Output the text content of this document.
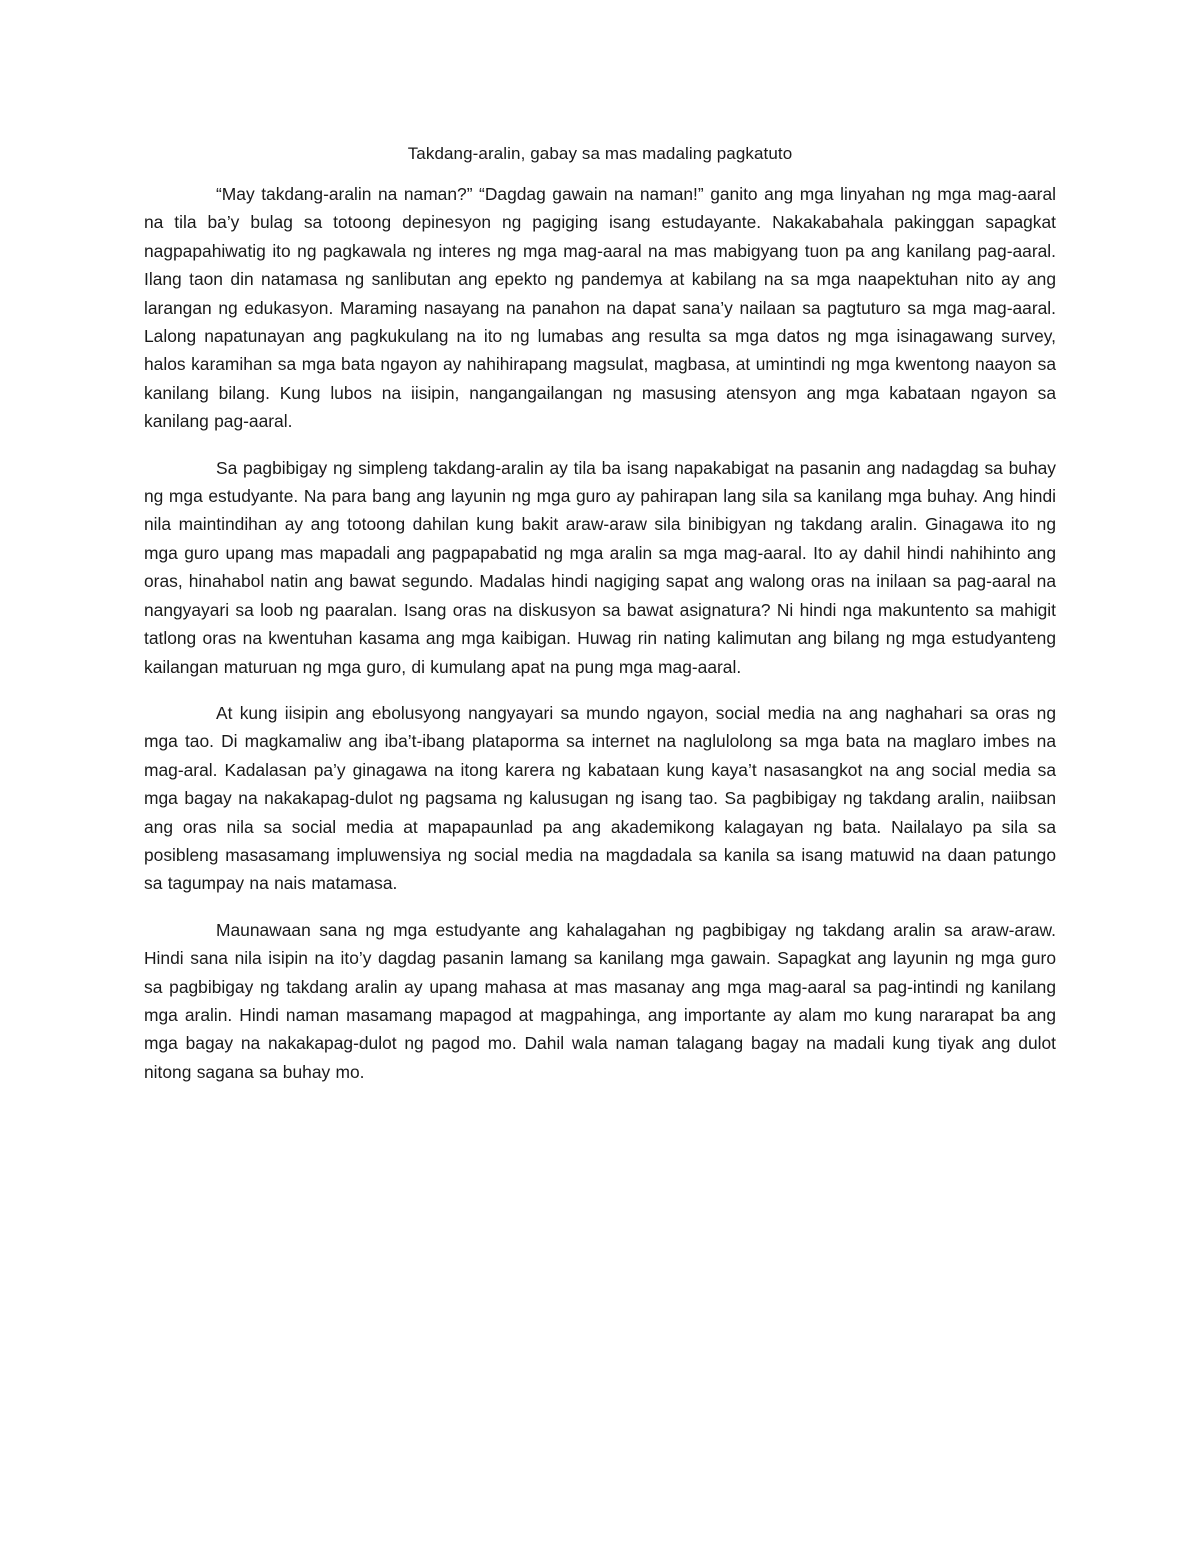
Takdang-aralin, gabay sa mas madaling pagkatuto

“May takdang-aralin na naman?” “Dagdag gawain na naman!” ganito ang mga linyahan ng mga mag-aaral na tila ba’y bulag sa totoong depinesyon ng pagiging isang estudayante. Nakakabahala pakinggan sapagkat nagpapahiwatig ito ng pagkawala ng interes ng mga mag-aaral na mas mabigyang tuon pa ang kanilang pag-aaral. Ilang taon din natamasa ng sanlibutan ang epekto ng pandemya at kabilang na sa mga naapektuhan nito ay ang larangan ng edukasyon. Maraming nasayang na panahon na dapat sana’y nailaan sa pagtuturo sa mga mag-aaral. Lalong napatunayan ang pagkukulang na ito ng lumabas ang resulta sa mga datos ng mga isinagawang survey, halos karamihan sa mga bata ngayon ay nahihirapang magsulat, magbasa, at umintindi ng mga kwentong naayon sa kanilang bilang. Kung lubos na iisipin, nangangailangan ng masusing atensyon ang mga kabataan ngayon sa kanilang pag-aaral.

Sa pagbibigay ng simpleng takdang-aralin ay tila ba isang napakabigat na pasanin ang nadagdag sa buhay ng mga estudyante. Na para bang ang layunin ng mga guro ay pahirapan lang sila sa kanilang mga buhay. Ang hindi nila maintindihan ay ang totoong dahilan kung bakit araw-araw sila binibigyan ng takdang aralin. Ginagawa ito ng mga guro upang mas mapadali ang pagpapabatid ng mga aralin sa mga mag-aaral. Ito ay dahil hindi nahihinto ang oras, hinahabol natin ang bawat segundo. Madalas hindi nagiging sapat ang walong oras na inilaan sa pag-aaral na nangyayari sa loob ng paaralan. Isang oras na diskusyon sa bawat asignatura? Ni hindi nga makuntento sa mahigit tatlong oras na kwentuhan kasama ang mga kaibigan. Huwag rin nating kalimutan ang bilang ng mga estudyanteng kailangan maturuan ng mga guro, di kumulang apat na pung mga mag-aaral.

At kung iisipin ang ebolusyong nangyayari sa mundo ngayon, social media na ang naghahari sa oras ng mga tao. Di magkamaliw ang iba’t-ibang plataporma sa internet na naglulolong sa mga bata na maglaro imbes na mag-aral. Kadalasan pa’y ginagawa na itong karera ng kabataan kung kaya’t nasasangkot na ang social media sa mga bagay na nakakapag-dulot ng pagsama ng kalusugan ng isang tao. Sa pagbibigay ng takdang aralin, naiibsan ang oras nila sa social media at mapapaunlad pa ang akademikong kalagayan ng bata. Nailalayo pa sila sa posibleng masasamang impluwensiya ng social media na magdadala sa kanila sa isang matuwid na daan patungo sa tagumpay na nais matamasa.

Maunawaan sana ng mga estudyante ang kahalagahan ng pagbibigay ng takdang aralin sa araw-araw. Hindi sana nila isipin na ito’y dagdag pasanin lamang sa kanilang mga gawain. Sapagkat ang layunin ng mga guro sa pagbibigay ng takdang aralin ay upang mahasa at mas masanay ang mga mag-aaral sa pag-intindi ng kanilang mga aralin. Hindi naman masamang mapagod at magpahinga, ang importante ay alam mo kung nararapat ba ang mga bagay na nakakapag-dulot ng pagod mo. Dahil wala naman talagang bagay na madali kung tiyak ang dulot nitong sagana sa buhay mo.
